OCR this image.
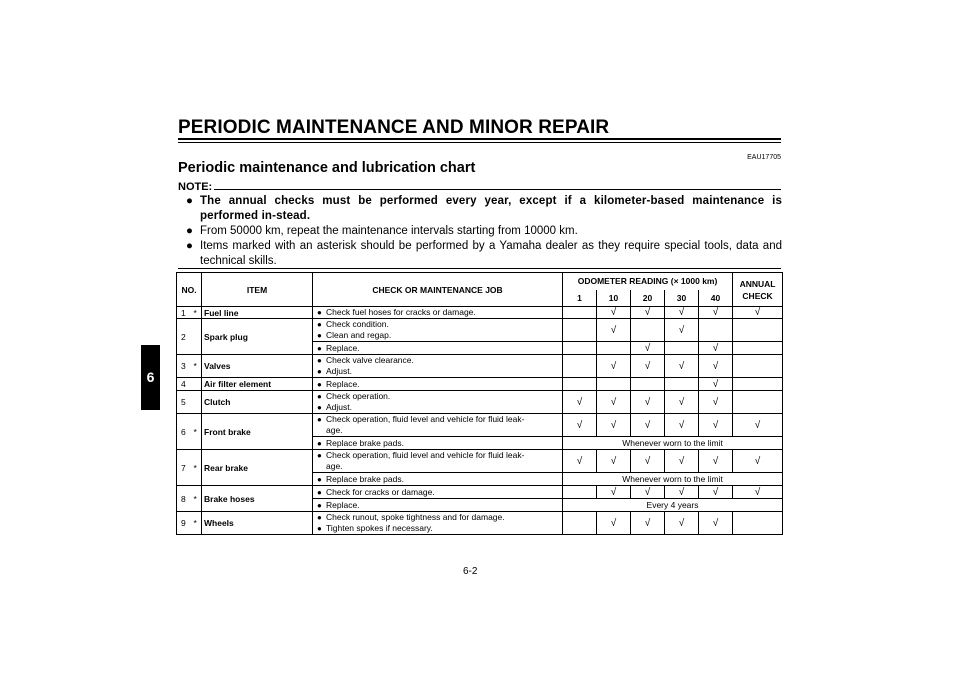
PERIODIC MAINTENANCE AND MINOR REPAIR
EAU17705
Periodic maintenance and lubrication chart
6
NOTE:
● The annual checks must be performed every year, except if a kilometer-based maintenance is performed in-stead.
● From 50000 km, repeat the maintenance intervals starting from 10000 km.
● Items marked with an asterisk should be performed by a Yamaha dealer as they require special tools, data and technical skills.
NO.		ITEM	CHECK OR MAINTENANCE JOB	ODOMETER READING (× 1000 km)					ANNUAL CHECK
				1	10	20	30	40	
1	*	Fuel line	● Check fuel hoses for cracks or damage.		√	√	√	√	√
2		Spark plug	● Check condition.
● Clean and regap.		√		√		

			● Replace.			√		√	
3	*	Valves	● Check valve clearance.
● Adjust.		√	√	√	√	
4		Air filter element	● Replace.					√	
5		Clutch	● Check operation.
● Adjust.	√	√	√	√	√	
6	*	Front brake	● Check operation, fluid level and vehicle for fluid leak-
age.	√	√	√	√	√	√

			● Replace brake pads.	Whenever worn to the limit					
7	*	Rear brake	● Check operation, fluid level and vehicle for fluid leak-
age.	√	√	√	√	√	√

			● Replace brake pads.	Whenever worn to the limit					
8	*	Brake hoses	● Check for cracks or damage.		√	√	√	√	√

			● Replace.	Every 4 years					
9	*	Wheels	● Check runout, spoke tightness and for damage.
● Tighten spokes if necessary.		√	√	√	√	
6-2
